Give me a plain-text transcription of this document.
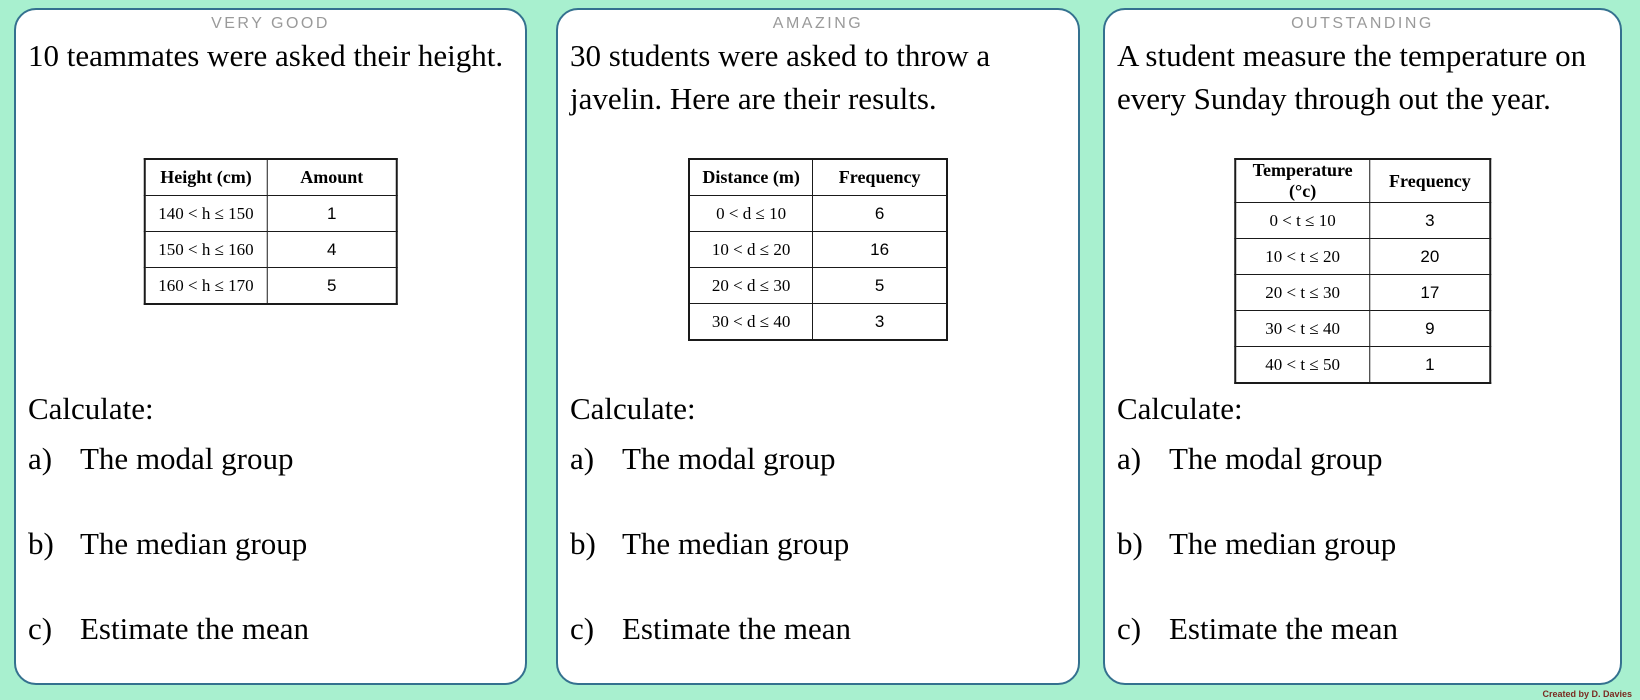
VERY GOOD

10 teammates were asked their height.

Height (cm)	Amount
140 < h ≤ 150	1
150 < h ≤ 160	4
160 < h ≤ 170	5

Calculate:

a) The modal group
b) The median group
c) Estimate the mean
AMAZING

30 students were asked to throw a javelin. Here are their results.

Distance (m)	Frequency
0 < d ≤ 10	6
10 < d ≤ 20	16
20 < d ≤ 30	5
30 < d ≤ 40	3

Calculate:

a) The modal group
b) The median group
c) Estimate the mean
OUTSTANDING

A student measure the temperature on every Sunday through out the year.

Temperature (°c)	Frequency
0 < t ≤ 10	3
10 < t ≤ 20	20
20 < t ≤ 30	17
30 < t ≤ 40	9
40 < t ≤ 50	1

Calculate:

a) The modal group
b) The median group
c) Estimate the mean
Created by D. Davies
